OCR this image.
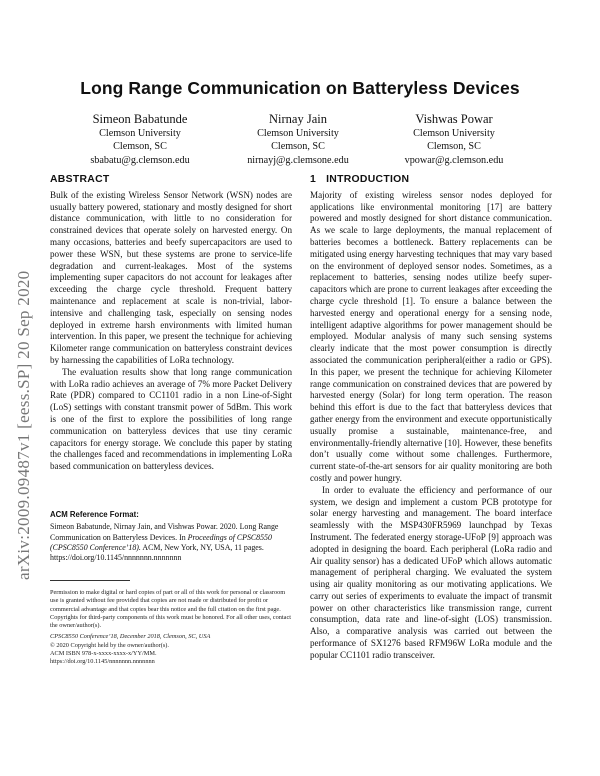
Long Range Communication on Batteryless Devices
Simeon Babatunde
Clemson University
Clemson, SC
sbabatu@g.clemson.edu
Nirnay Jain
Clemson University
Clemson, SC
nirnayj@g.clemsone.edu
Vishwas Powar
Clemson University
Clemson, SC
vpowar@g.clemson.edu
arXiv:2009.09487v1 [eess.SP] 20 Sep 2020
ABSTRACT

Bulk of the existing Wireless Sensor Network (WSN) nodes are usually battery powered, stationary and mostly designed for short distance communication, with little to no consideration for constrained devices that operate solely on harvested energy. On many occasions, batteries and beefy supercapacitors are used to power these WSN, but these systems are prone to service-life degradation and current-leakages. Most of the systems implementing super capacitors do not account for leakages after exceeding the charge cycle threshold. Frequent battery maintenance and replacement at scale is non-trivial, labor-intensive and challenging task, especially on sensing nodes deployed in extreme harsh environments with limited human intervention. In this paper, we present the technique for achieving Kilometer range communication on batteryless constraint devices by harnessing the capabilities of LoRa technology.

The evaluation results show that long range communication with LoRa radio achieves an average of 7% more Packet Delivery Rate (PDR) compared to CC1101 radio in a non Line-of-Sight (LoS) settings with constant transmit power of 5dBm. This work is one of the first to explore the possibilities of long range communication on batteryless devices that use tiny ceramic capacitors for energy storage. We conclude this paper by stating the challenges faced and recommendations in implementing LoRa based communication on batteryless devices.

ACM Reference Format:
Simeon Babatunde, Nirnay Jain, and Vishwas Powar. 2020. Long Range Communication on Batteryless Devices. In Proceedings of CPSC8550 (CPSC8550 Conference’18). ACM, New York, NY, USA, 11 pages. https://doi.org/10.1145/nnnnnnn.nnnnnnn

Permission to make digital or hard copies of part or all of this work for personal or classroom use is granted without fee provided that copies are not made or distributed for profit or commercial advantage and that copies bear this notice and the full citation on the first page. Copyrights for third-party components of this work must be honored. For all other uses, contact the owner/author(s).

CPSC8550 Conference’18, December 2018, Clemson, SC, USA

© 2020 Copyright held by the owner/author(s).

ACM ISBN 978-x-xxxx-xxxx-x/YY/MM.

https://doi.org/10.1145/nnnnnnn.nnnnnnn

1 INTRODUCTION

Majority of existing wireless sensor nodes deployed for applications like environmental monitoring [17] are battery powered and mostly designed for short distance communication. As we scale to large deployments, the manual replacement of batteries becomes a bottleneck. Battery replacements can be mitigated using energy harvesting techniques that may vary based on the environment of deployed sensor nodes. Sometimes, as a replacement to batteries, sensing nodes utilize beefy super-capacitors which are prone to current leakages after exceeding the charge cycle threshold [1]. To ensure a balance between the harvested energy and operational energy for a sensing node, intelligent adaptive algorithms for power management should be employed. Modular analysis of many such sensing systems clearly indicate that the most power consumption is directly associated the communication peripheral(either a radio or GPS). In this paper, we present the technique for achieving Kilometer range communication on constrained devices that are powered by harvested energy (Solar) for long term operation. The reason behind this effort is due to the fact that batteryless devices that gather energy from the environment and execute opportunistically usually promise a sustainable, maintenance-free, and environmentally-friendly alternative [10]. However, these benefits don’t usually come without some challenges. Furthermore, current state-of-the-art sensors for air quality monitoring are both costly and power hungry.

In order to evaluate the efficiency and performance of our system, we design and implement a custom PCB prototype for solar energy harvesting and management. The board interface seamlessly with the MSP430FR5969 launchpad by Texas Instrument. The federated energy storage-UFoP [9] approach was adopted in designing the board. Each peripheral (LoRa radio and Air quality sensor) has a dedicated UFoP which allows automatic management of peripheral charging. We evaluated the system using air quality monitoring as our motivating applications. We carry out series of experiments to evaluate the impact of transmit power on other characteristics like transmission range, current consumption, data rate and line-of-sight (LOS) transmission. Also, a comparative analysis was carried out between the performance of SX1276 based RFM96W LoRa module and the popular CC1101 radio transceiver.
